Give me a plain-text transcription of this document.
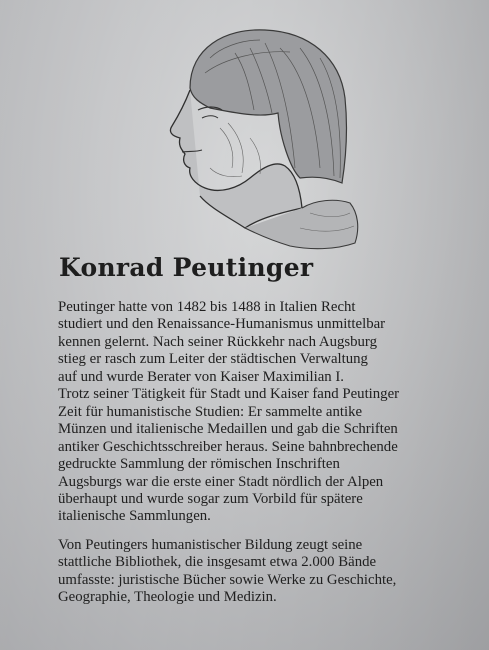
Konrad Peutinger
Peutinger hatte von 1482 bis 1488 in Italien Recht
studiert und den Renaissance-Humanismus unmittelbar
kennen gelernt. Nach seiner Rückkehr nach Augsburg
stieg er rasch zum Leiter der städtischen Verwaltung
auf und wurde Berater von Kaiser Maximilian I.
Trotz seiner Tätigkeit für Stadt und Kaiser fand Peutinger
Zeit für humanistische Studien: Er sammelte antike
Münzen und italienische Medaillen und gab die Schriften
antiker Geschichtsschreiber heraus. Seine bahnbrechende
gedruckte Sammlung der römischen Inschriften
Augsburgs war die erste einer Stadt nördlich der Alpen
überhaupt und wurde sogar zum Vorbild für spätere
italienische Sammlungen.
Von Peutingers humanistischer Bildung zeugt seine
stattliche Bibliothek, die insgesamt etwa 2.000 Bände
umfasste: juristische Bücher sowie Werke zu Geschichte,
Geographie, Theologie und Medizin.
